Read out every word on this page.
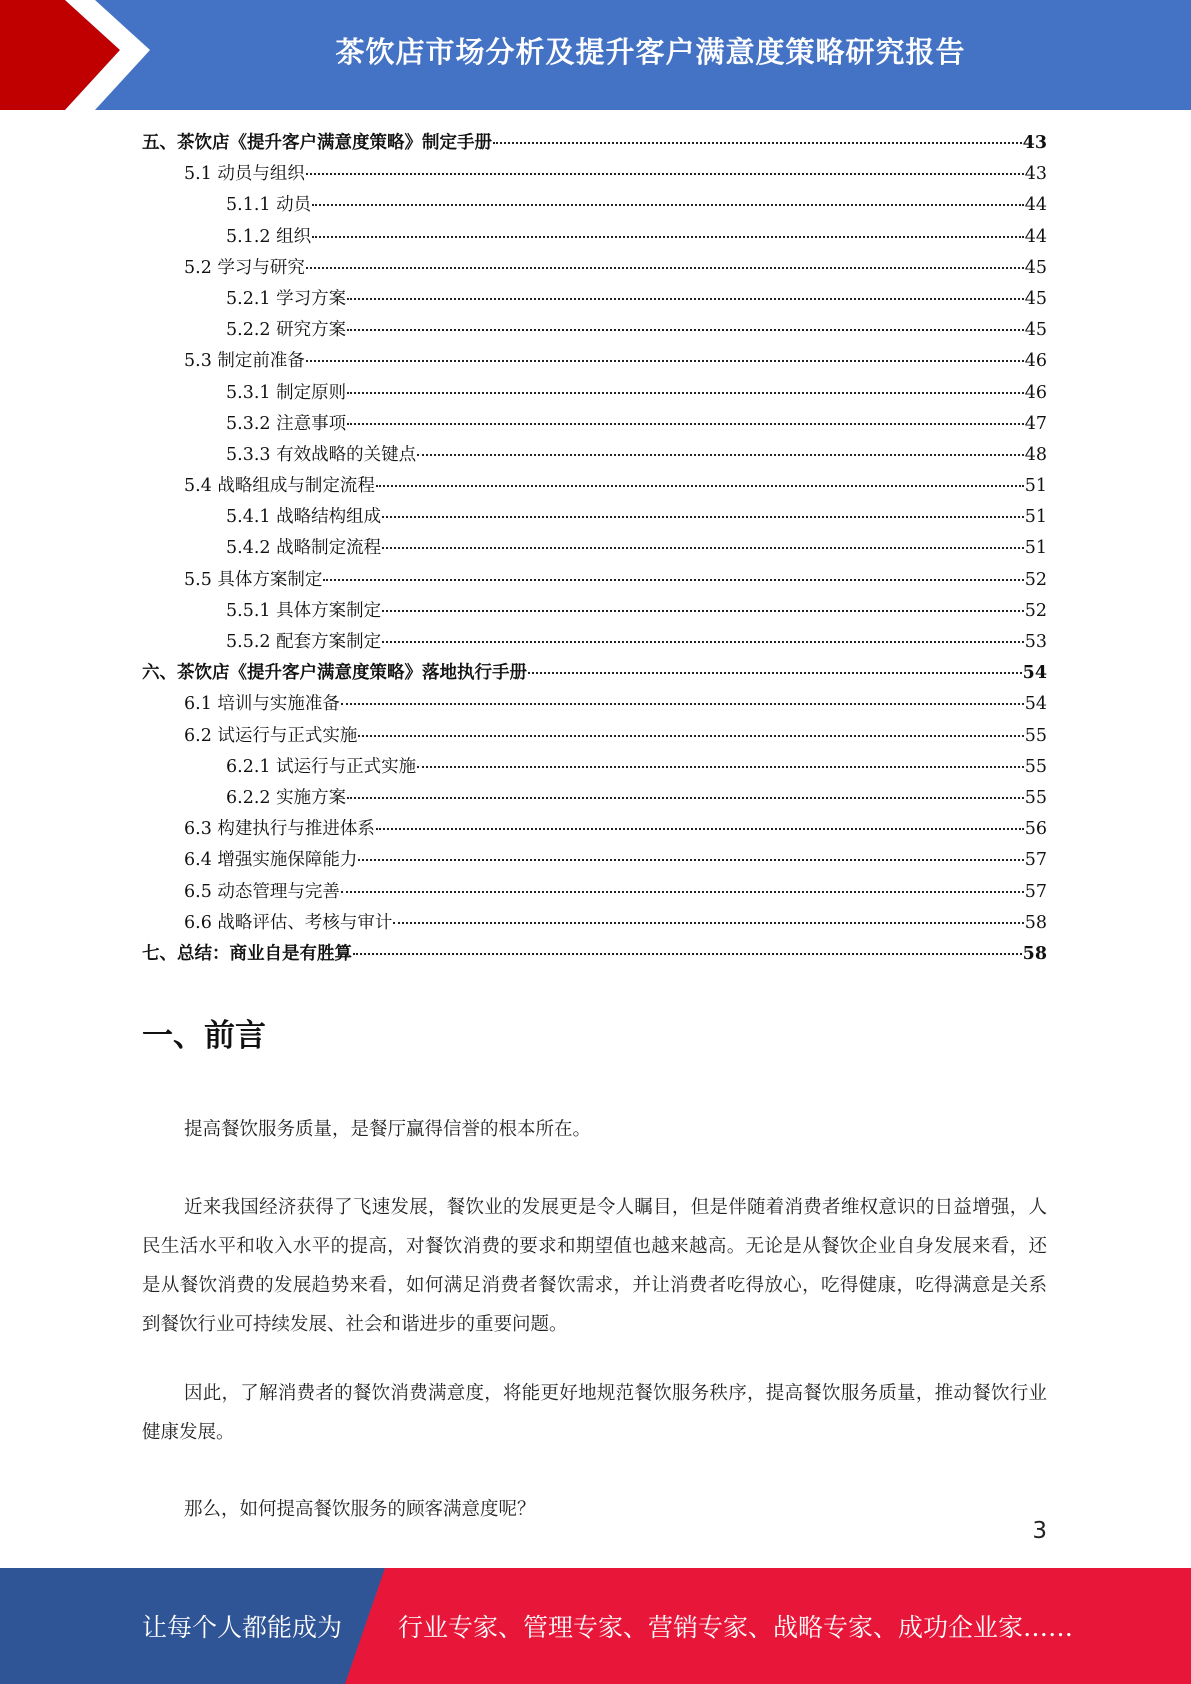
茶饮店市场分析及提升客户满意度策略研究报告
五、茶饮店《提升客户满意度策略》制定手册	43
5.1 动员与组织	43
5.1.1 动员	44
5.1.2 组织	44
5.2 学习与研究	45
5.2.1 学习方案	45
5.2.2 研究方案	45
5.3 制定前准备	46
5.3.1 制定原则	46
5.3.2 注意事项	47
5.3.3 有效战略的关键点	48
5.4 战略组成与制定流程	51
5.4.1 战略结构组成	51
5.4.2 战略制定流程	51
5.5 具体方案制定	52
5.5.1 具体方案制定	52
5.5.2 配套方案制定	53
六、茶饮店《提升客户满意度策略》落地执行手册	54
6.1 培训与实施准备	54
6.2 试运行与正式实施	55
6.2.1 试运行与正式实施	55
6.2.2 实施方案	55
6.3 构建执行与推进体系	56
6.4 增强实施保障能力	57
6.5 动态管理与完善	57
6.6 战略评估、考核与审计	58
七、总结：商业自是有胜算	58
一、前言

提高餐饮服务质量，是餐厅赢得信誉的根本所在。

近来我国经济获得了飞速发展，餐饮业的发展更是令人瞩目，但是伴随着消费者维权意识的日益增强，人民生活水平和收入水平的提高，对餐饮消费的要求和期望值也越来越高。无论是从餐饮企业自身发展来看，还是从餐饮消费的发展趋势来看，如何满足消费者餐饮需求，并让消费者吃得放心，吃得健康，吃得满意是关系到餐饮行业可持续发展、社会和谐进步的重要问题。

因此，了解消费者的餐饮消费满意度，将能更好地规范餐饮服务秩序，提高餐饮服务质量，推动餐饮行业健康发展。

那么，如何提高餐饮服务的顾客满意度呢？

3
让每个人都能成为 行业专家、管理专家、营销专家、战略专家、成功企业家……
